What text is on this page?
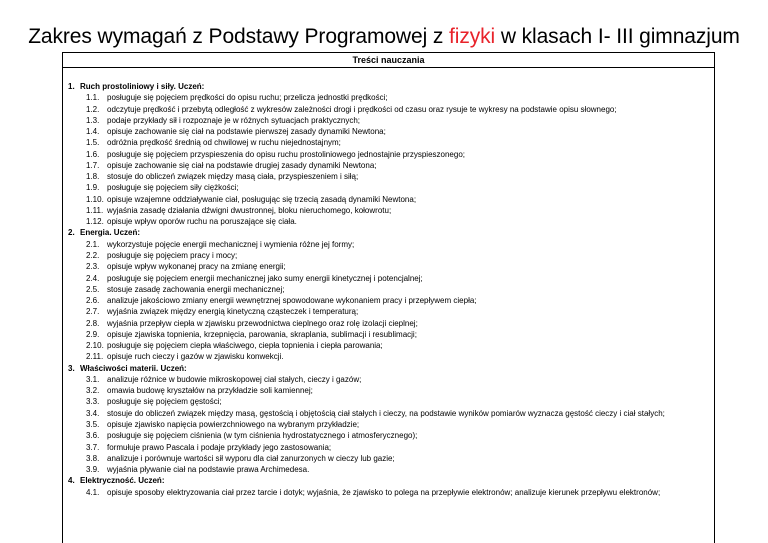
Zakres wymagań z Podstawy Programowej z fizyki w klasach I- III gimnazjum
Treści nauczania
1. Ruch prostoliniowy i siły. Uczeń:
1.1. posługuje się pojęciem prędkości do opisu ruchu; przelicza jednostki prędkości;
1.2. odczytuje prędkość i przebytą odległość z wykresów zależności drogi i prędkości od czasu oraz rysuje te wykresy na podstawie opisu słownego;
1.3. podaje przykłady sił i rozpoznaje je w różnych sytuacjach praktycznych;
1.4. opisuje zachowanie się ciał na podstawie pierwszej zasady dynamiki Newtona;
1.5. odróżnia prędkość średnią od chwilowej w ruchu niejednostajnym;
1.6. posługuje się pojęciem przyspieszenia do opisu ruchu prostoliniowego jednostajnie przyspieszonego;
1.7. opisuje zachowanie się ciał na podstawie drugiej zasady dynamiki Newtona;
1.8. stosuje do obliczeń związek między masą ciała, przyspieszeniem i siłą;
1.9. posługuje się pojęciem siły ciężkości;
1.10. opisuje wzajemne oddziaływanie ciał, posługując się trzecią zasadą dynamiki Newtona;
1.11. wyjaśnia zasadę działania dźwigni dwustronnej, bloku nieruchomego, kołowrotu;
1.12. opisuje wpływ oporów ruchu na poruszające się ciała.
2. Energia. Uczeń:
2.1. wykorzystuje pojęcie energii mechanicznej i wymienia różne jej formy;
2.2. posługuje się pojęciem pracy i mocy;
2.3. opisuje wpływ wykonanej pracy na zmianę energii;
2.4. posługuje się pojęciem energii mechanicznej jako sumy energii kinetycznej i potencjalnej;
2.5. stosuje zasadę zachowania energii mechanicznej;
2.6. analizuje jakościowo zmiany energii wewnętrznej spowodowane wykonaniem pracy i przepływem ciepła;
2.7. wyjaśnia związek między energią kinetyczną cząsteczek i temperaturą;
2.8. wyjaśnia przepływ ciepła w zjawisku przewodnictwa cieplnego oraz rolę izolacji cieplnej;
2.9. opisuje zjawiska topnienia, krzepnięcia, parowania, skraplania, sublimacji i resublimacji;
2.10. posługuje się pojęciem ciepła właściwego, ciepła topnienia i ciepła parowania;
2.11. opisuje ruch cieczy i gazów w zjawisku konwekcji.
3. Właściwości materii. Uczeń:
3.1. analizuje różnice w budowie mikroskopowej ciał stałych, cieczy i gazów;
3.2. omawia budowę kryształów na przykładzie soli kamiennej;
3.3. posługuje się pojęciem gęstości;
3.4. stosuje do obliczeń związek między masą, gęstością i objętością ciał stałych i cieczy, na podstawie wyników pomiarów wyznacza gęstość cieczy i ciał stałych;
3.5. opisuje zjawisko napięcia powierzchniowego na wybranym przykładzie;
3.6. posługuje się pojęciem ciśnienia (w tym ciśnienia hydrostatycznego i atmosferycznego);
3.7. formułuje prawo Pascala i podaje przykłady jego zastosowania;
3.8. analizuje i porównuje wartości sił wyporu dla ciał zanurzonych w cieczy lub gazie;
3.9. wyjaśnia pływanie ciał na podstawie prawa Archimedesa.
4. Elektryczność. Uczeń:
4.1. opisuje sposoby elektryzowania ciał przez tarcie i dotyk; wyjaśnia, że zjawisko to polega na przepływie elektronów; analizuje kierunek przepływu elektronów;
